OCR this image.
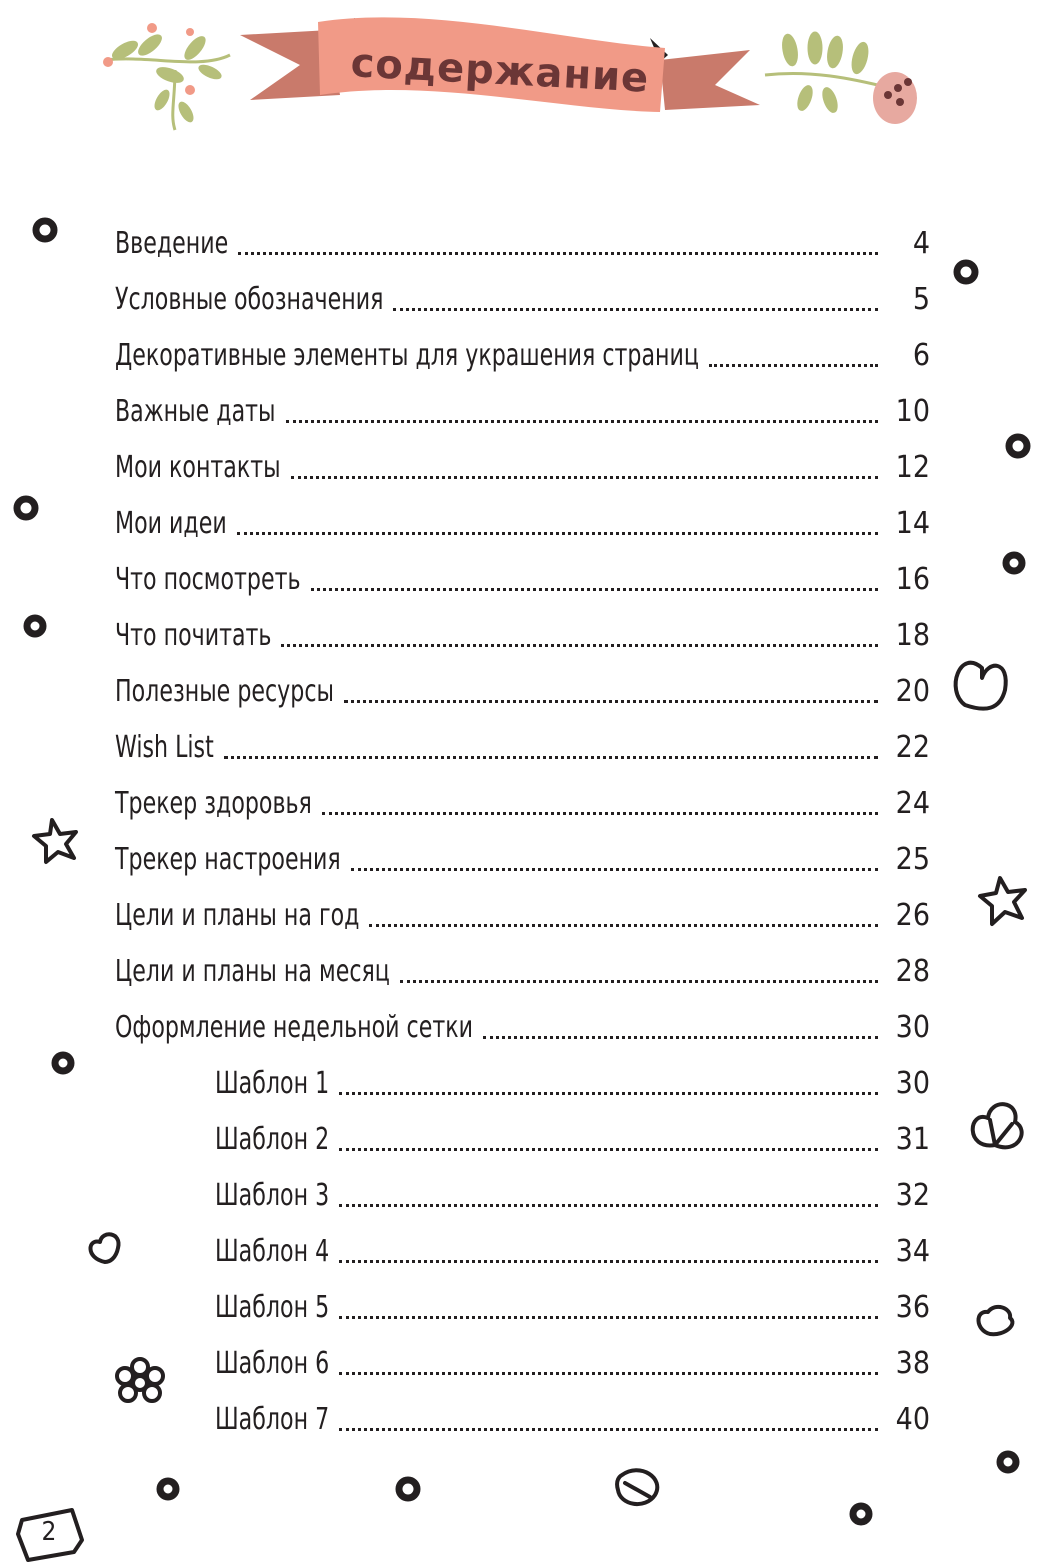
содержание
Введение	4
Условные обозначения	5
Декоративные элементы для украшения страниц	6
Важные даты	10
Мои контакты	12
Мои идеи	14
Что посмотреть	16
Что почитать	18
Полезные ресурсы	20
Wish List	22
Трекер здоровья	24
Трекер настроения	25
Цели и планы на год	26
Цели и планы на месяц	28
Оформление недельной сетки	30
Шаблон 1	30
Шаблон 2	31
Шаблон 3	32
Шаблон 4	34
Шаблон 5	36
Шаблон 6	38
Шаблон 7	40
2
